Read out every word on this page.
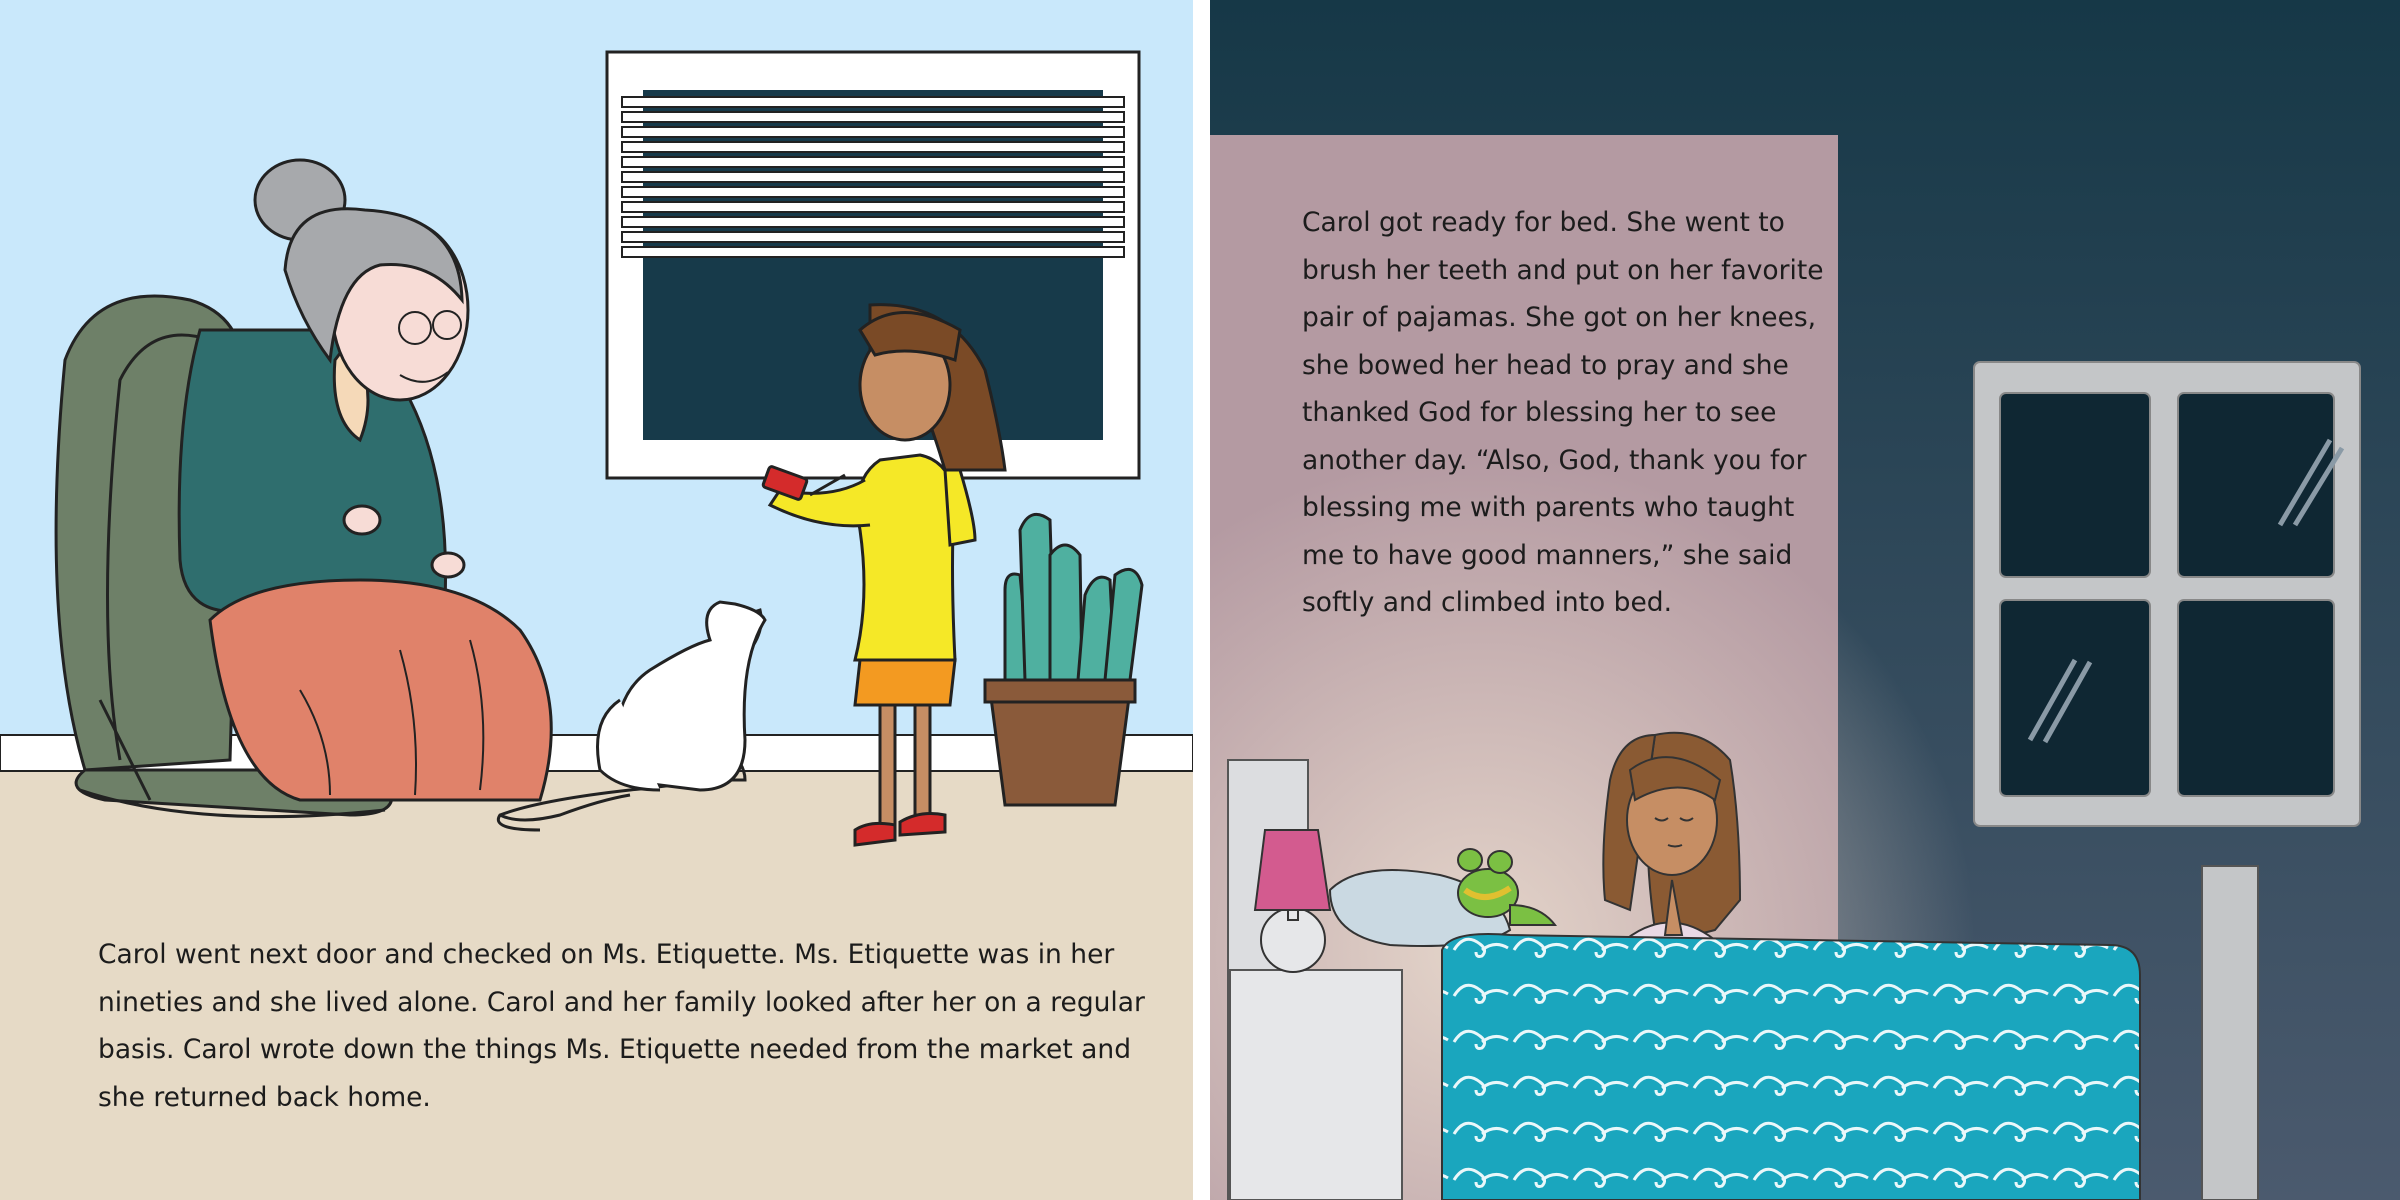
Carol went next door and checked on Ms. Etiquette. Ms. Etiquette was in her
nineties and she lived alone. Carol and her family looked after her on a regular
basis. Carol wrote down the things Ms. Etiquette needed from the market and
she returned back home.

Carol got ready for bed. She went to
brush her teeth and put on her favorite
pair of pajamas. She got on her knees,
she bowed her head to pray and she
thanked God for blessing her to see
another day. “Also, God, thank you for
blessing me with parents who taught
me to have good manners,” she said
softly and climbed into bed.
